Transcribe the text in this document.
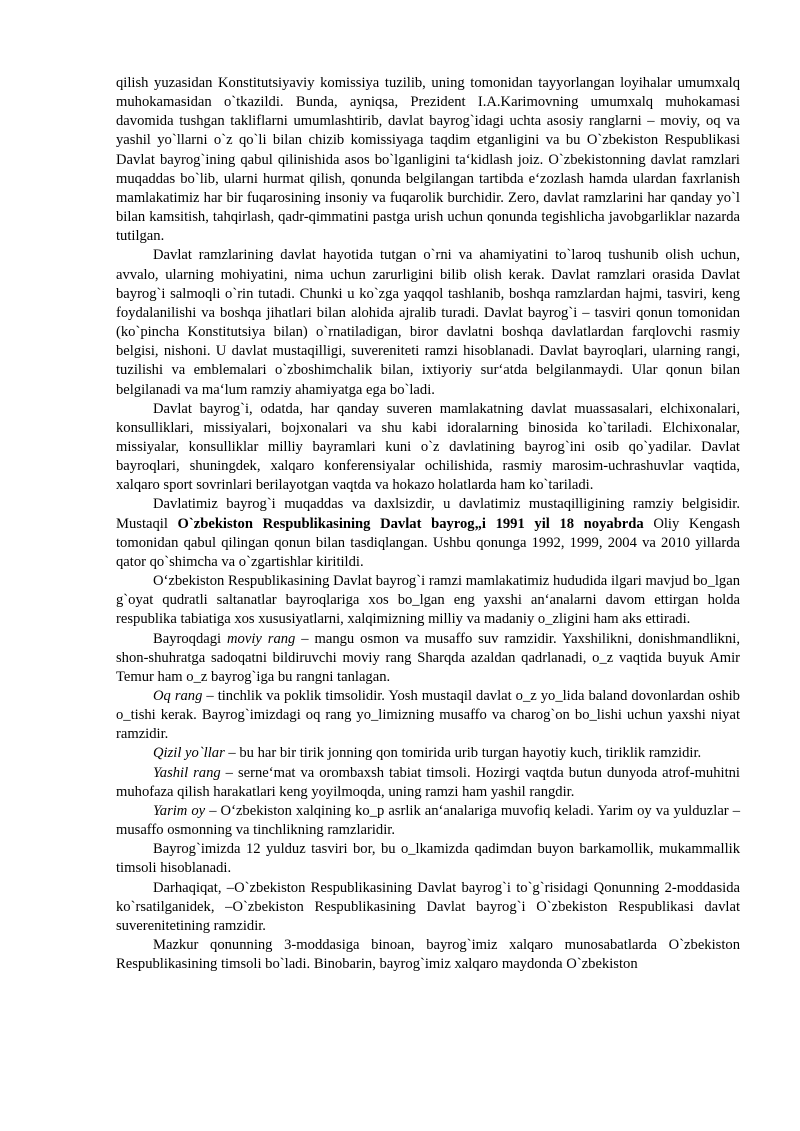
qilish yuzasidan Konstitutsiyaviy komissiya tuzilib, uning tomonidan tayyorlangan loyihalar umumxalq muhokamasidan o`tkazildi. Bunda, ayniqsa, Prezident I.A.Karimovning umumxalq muhokamasi davomida tushgan takliflarni umumlashtirib, davlat bayrog`idagi uchta asosiy ranglarni – moviy, oq va yashil yo`llarni o`z qo`li bilan chizib komissiyaga taqdim etganligini va bu O`zbekiston Respublikasi Davlat bayrog`ining qabul qilinishida asos bo`lganligini ta‘kidlash joiz. O`zbekistonning davlat ramzlari muqaddas bo`lib, ularni hurmat qilish, qonunda belgilangan tartibda e‘zozlash hamda ulardan faxrlanish mamlakatimiz har bir fuqarosining insoniy va fuqarolik burchidir. Zero, davlat ramzlarini har qanday yo`l bilan kamsitish, tahqirlash, qadr-qimmatini pastga urish uchun qonunda tegishlicha javobgarliklar nazarda tutilgan.

Davlat ramzlarining davlat hayotida tutgan o`rni va ahamiyatini to`laroq tushunib olish uchun, avvalo, ularning mohiyatini, nima uchun zarurligini bilib olish kerak. Davlat ramzlari orasida Davlat bayrog`i salmoqli o`rin tutadi. Chunki u ko`zga yaqqol tashlanib, boshqa ramzlardan hajmi, tasviri, keng foydalanilishi va boshqa jihatlari bilan alohida ajralib turadi. Davlat bayrog`i – tasviri qonun tomonidan (ko`pincha Konstitutsiya bilan) o`rnatiladigan, biror davlatni boshqa davlatlardan farqlovchi rasmiy belgisi, nishoni. U davlat mustaqilligi, suvereniteti ramzi hisoblanadi. Davlat bayroqlari, ularning rangi, tuzilishi va emblemalari o`zboshimchalik bilan, ixtiyoriy sur‘atda belgilanmaydi. Ular qonun bilan belgilanadi va ma‘lum ramziy ahamiyatga ega bo`ladi.

Davlat bayrog`i, odatda, har qanday suveren mamlakatning davlat muassasalari, elchixonalari, konsulliklari, missiyalari, bojxonalari va shu kabi idoralarning binosida ko`tariladi. Elchixonalar, missiyalar, konsulliklar milliy bayramlari kuni o`z davlatining bayrog`ini osib qo`yadilar. Davlat bayroqlari, shuningdek, xalqaro konferensiyalar ochilishida, rasmiy marosim-uchrashuvlar vaqtida, xalqaro sport sovrinlari berilayotgan vaqtda va hokazo holatlarda ham ko`tariladi.

Davlatimiz bayrog`i muqaddas va daxlsizdir, u davlatimiz mustaqilligining ramziy belgisidir. Mustaqil O`zbekiston Respublikasining Davlat bayrog„i 1991 yil 18 noyabrda Oliy Kengash tomonidan qabul qilingan qonun bilan tasdiqlangan. Ushbu qonunga 1992, 1999, 2004 va 2010 yillarda qator qo`shimcha va o`zgartishlar kiritildi.

O‘zbekiston Respublikasining Davlat bayrog`i ramzi mamlakatimiz hududida ilgari mavjud bo_lgan g`oyat qudratli saltanatlar bayroqlariga xos bo_lgan eng yaxshi an‘analarni davom ettirgan holda respublika tabiatiga xos xususiyatlarni, xalqimizning milliy va madaniy o_zligini ham aks ettiradi.

Bayroqdagi moviy rang – mangu osmon va musaffo suv ramzidir. Yaxshilikni, donishmandlikni, shon-shuhratga sadoqatni bildiruvchi moviy rang Sharqda azaldan qadrlanadi, o_z vaqtida buyuk Amir Temur ham o_z bayrog`iga bu rangni tanlagan.

Oq rang – tinchlik va poklik timsolidir. Yosh mustaqil davlat o_z yo_lida baland dovonlardan oshib o_tishi kerak. Bayrog`imizdagi oq rang yo_limizning musaffo va charog`on bo_lishi uchun yaxshi niyat ramzidir.

Qizil yo`llar – bu har bir tirik jonning qon tomirida urib turgan hayotiy kuch, tiriklik ramzidir.

Yashil rang – serne‘mat va orombaxsh tabiat timsoli. Hozirgi vaqtda butun dunyoda atrof-muhitni muhofaza qilish harakatlari keng yoyilmoqda, uning ramzi ham yashil rangdir.

Yarim oy – O‘zbekiston xalqining ko_p asrlik an‘analariga muvofiq keladi. Yarim oy va yulduzlar – musaffo osmonning va tinchlikning ramzlaridir.

Bayrog`imizda 12 yulduz tasviri bor, bu o_lkamizda qadimdan buyon barkamollik, mukammallik timsoli hisoblanadi.

Darhaqiqat, –O`zbekiston Respublikasining Davlat bayrog`i to`g`risidagi Qonunning 2-moddasida ko`rsatilganidek, –O`zbekiston Respublikasining Davlat bayrog`i O`zbekiston Respublikasi davlat suverenitetining ramzidir.

Mazkur qonunning 3-moddasiga binoan, bayrog`imiz xalqaro munosabatlarda O`zbekiston Respublikasining timsoli bo`ladi. Binobarin, bayrog`imiz xalqaro maydonda O`zbekiston
